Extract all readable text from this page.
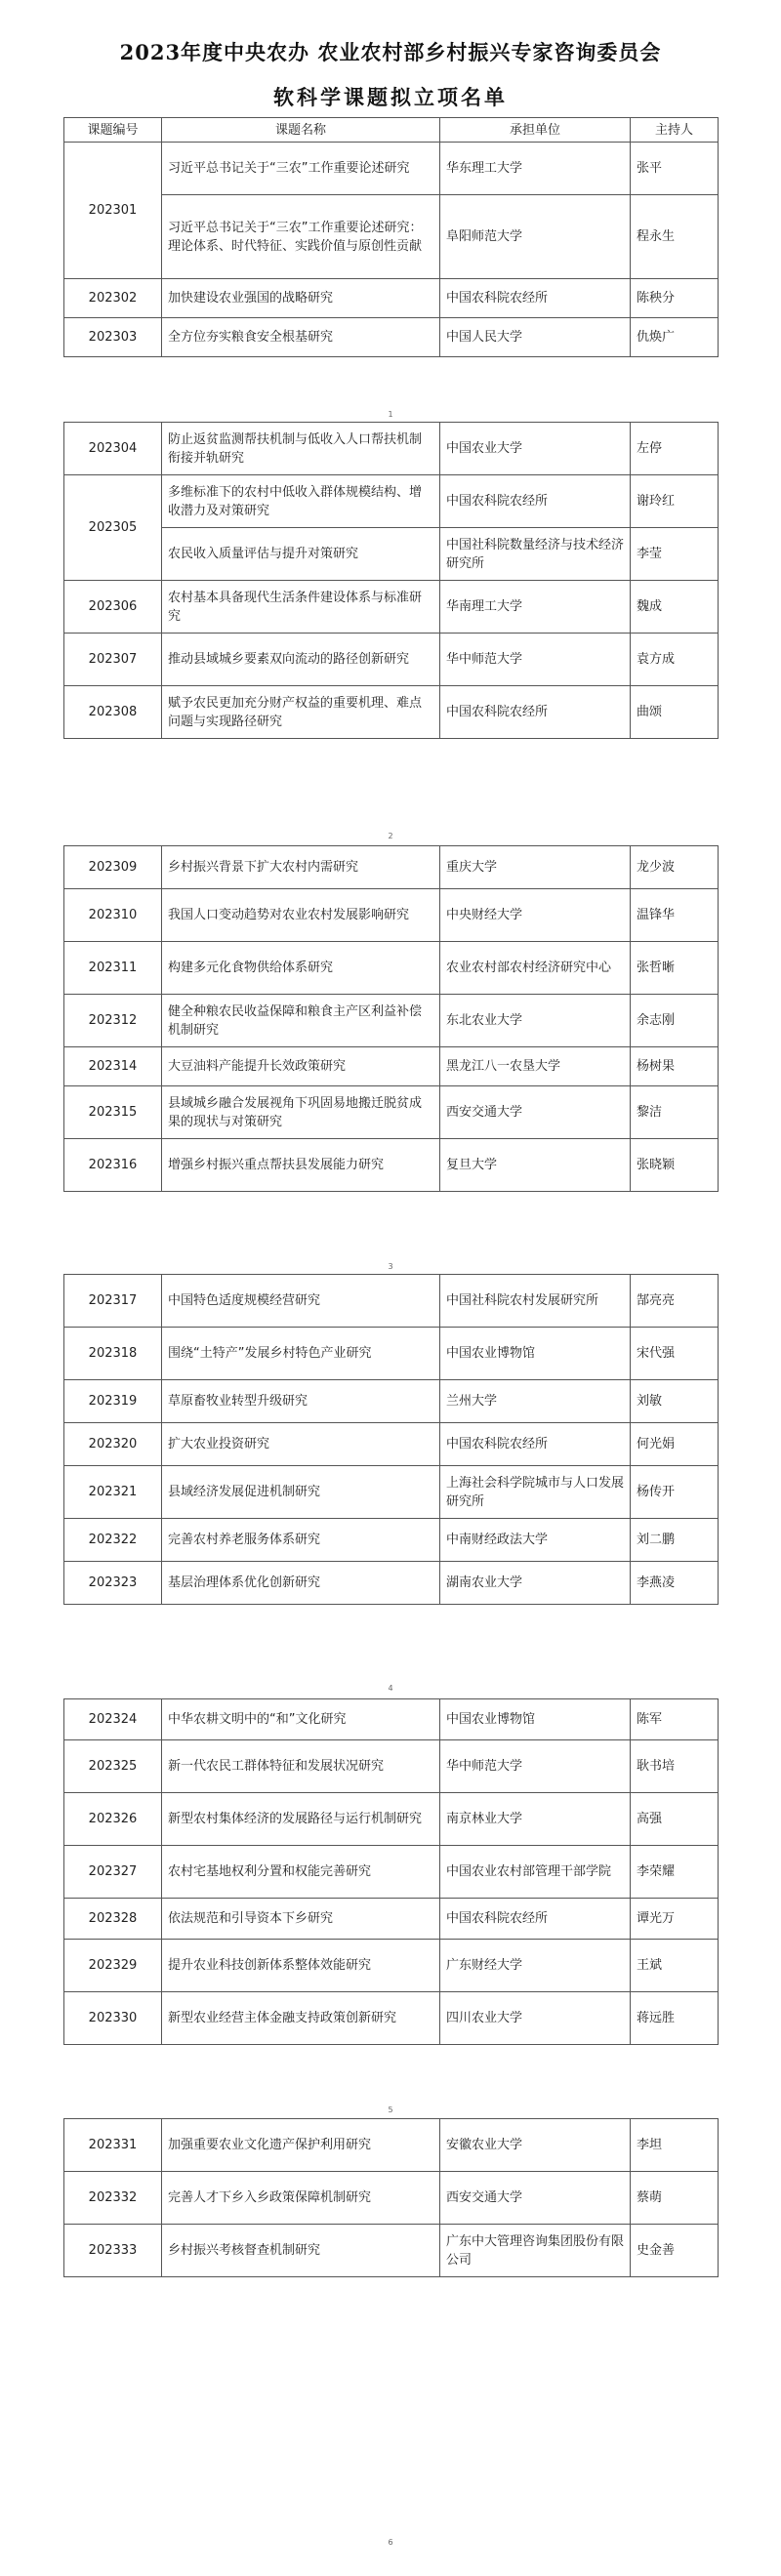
2023年度中央农办 农业农村部乡村振兴专家咨询委员会
软科学课题拟立项名单
课题编号	课题名称	承担单位	主持人
202301	习近平总书记关于“三农”工作重要论述研究	华东理工大学	张平
	习近平总书记关于“三农”工作重要论述研究：理论体系、时代特征、实践价值与原创性贡献	阜阳师范大学	程永生
202302	加快建设农业强国的战略研究	中国农科院农经所	陈秧分
202303	全方位夯实粮食安全根基研究	中国人民大学	仇焕广
1
202304	防止返贫监测帮扶机制与低收入人口帮扶机制衔接并轨研究	中国农业大学	左停
202305	多维标准下的农村中低收入群体规模结构、增收潜力及对策研究	中国农科院农经所	谢玲红
	农民收入质量评估与提升对策研究	中国社科院数量经济与技术经济研究所	李莹
202306	农村基本具备现代生活条件建设体系与标准研究	华南理工大学	魏成
202307	推动县域城乡要素双向流动的路径创新研究	华中师范大学	袁方成
202308	赋予农民更加充分财产权益的重要机理、难点问题与实现路径研究	中国农科院农经所	曲颂
2
202309	乡村振兴背景下扩大农村内需研究	重庆大学	龙少波
202310	我国人口变动趋势对农业农村发展影响研究	中央财经大学	温锋华
202311	构建多元化食物供给体系研究	农业农村部农村经济研究中心	张哲晰
202312	健全种粮农民收益保障和粮食主产区利益补偿机制研究	东北农业大学	余志刚
202314	大豆油料产能提升长效政策研究	黑龙江八一农垦大学	杨树果
202315	县域城乡融合发展视角下巩固易地搬迁脱贫成果的现状与对策研究	西安交通大学	黎洁
202316	增强乡村振兴重点帮扶县发展能力研究	复旦大学	张晓颖
3
202317	中国特色适度规模经营研究	中国社科院农村发展研究所	郜亮亮
202318	围绕“土特产”发展乡村特色产业研究	中国农业博物馆	宋代强
202319	草原畜牧业转型升级研究	兰州大学	刘敏
202320	扩大农业投资研究	中国农科院农经所	何光娟
202321	县域经济发展促进机制研究	上海社会科学院城市与人口发展研究所	杨传开
202322	完善农村养老服务体系研究	中南财经政法大学	刘二鹏
202323	基层治理体系优化创新研究	湖南农业大学	李燕凌
4
202324	中华农耕文明中的“和”文化研究	中国农业博物馆	陈军
202325	新一代农民工群体特征和发展状况研究	华中师范大学	耿书培
202326	新型农村集体经济的发展路径与运行机制研究	南京林业大学	高强
202327	农村宅基地权利分置和权能完善研究	中国农业农村部管理干部学院	李荣耀
202328	依法规范和引导资本下乡研究	中国农科院农经所	谭光万
202329	提升农业科技创新体系整体效能研究	广东财经大学	王斌
202330	新型农业经营主体金融支持政策创新研究	四川农业大学	蒋远胜
5
202331	加强重要农业文化遗产保护利用研究	安徽农业大学	李坦
202332	完善人才下乡入乡政策保障机制研究	西安交通大学	蔡萌
202333	乡村振兴考核督查机制研究	广东中大管理咨询集团股份有限公司	史金善
6
